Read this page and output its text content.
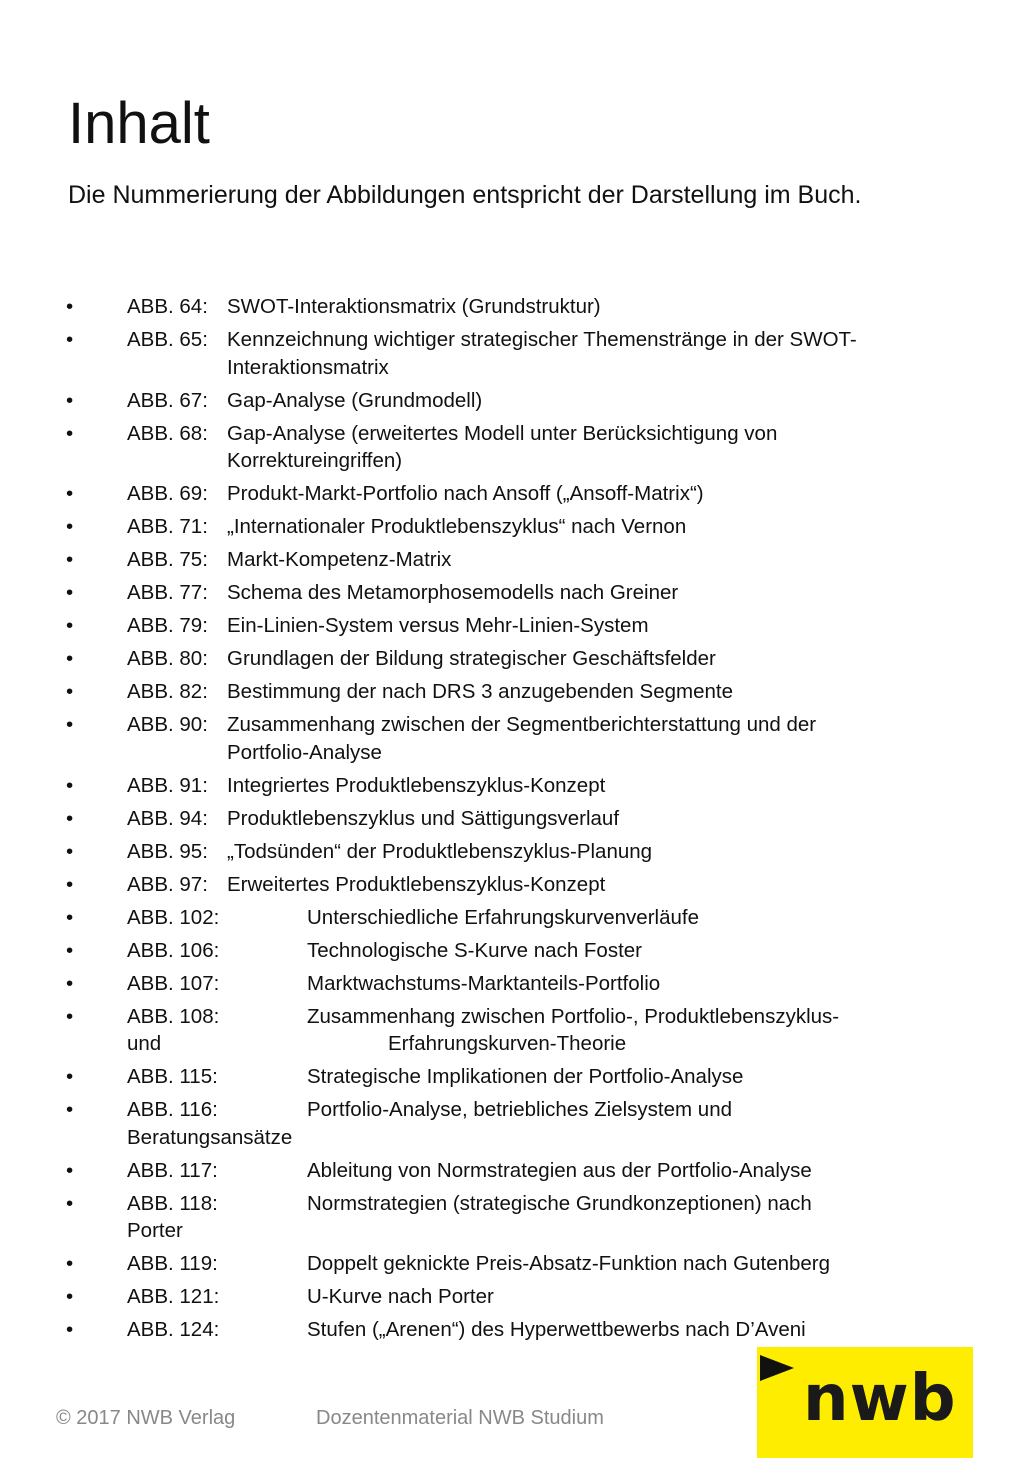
Inhalt

Die Nummerierung der Abbildungen entspricht der Darstellung im Buch.

•	ABB. 64: SWOT-Interaktionsmatrix (Grundstruktur)
•	ABB. 65: Kennzeichnung wichtiger strategischer Themenstränge in der SWOT-
Interaktionsmatrix
•	ABB. 67: Gap-Analyse (Grundmodell)
•	ABB. 68: Gap-Analyse (erweitertes Modell unter Berücksichtigung von
Korrektureingriffen)
•	ABB. 69: Produkt-Markt-Portfolio nach Ansoff („Ansoff-Matrix“)
•	ABB. 71: „Internationaler Produktlebenszyklus“ nach Vernon
•	ABB. 75: Markt-Kompetenz-Matrix
•	ABB. 77: Schema des Metamorphosemodells nach Greiner
•	ABB. 79: Ein-Linien-System versus Mehr-Linien-System
•	ABB. 80: Grundlagen der Bildung strategischer Geschäftsfelder
•	ABB. 82: Bestimmung der nach DRS 3 anzugebenden Segmente
•	ABB. 90: Zusammenhang zwischen der Segmentberichterstattung und der
Portfolio-Analyse
•	ABB. 91: Integriertes Produktlebenszyklus-Konzept
•	ABB. 94: Produktlebenszyklus und Sättigungsverlauf
•	ABB. 95: „Todsünden“ der Produktlebenszyklus-Planung
•	ABB. 97: Erweitertes Produktlebenszyklus-Konzept
•	ABB. 102:	Unterschiedliche Erfahrungskurvenverläufe
•	ABB. 106:	Technologische S-Kurve nach Foster
•	ABB. 107:	Marktwachstums-Marktanteils-Portfolio
•	ABB. 108:	Zusammenhang zwischen Portfolio-, Produktlebenszyklus-
und	Erfahrungskurven-Theorie
•	ABB. 115:	Strategische Implikationen der Portfolio-Analyse
•	ABB. 116:	Portfolio-Analyse, betriebliches Zielsystem und
Beratungsansätze
•	ABB. 117:	Ableitung von Normstrategien aus der Portfolio-Analyse
•	ABB. 118:	Normstrategien (strategische Grundkonzeptionen) nach
Porter
•	ABB. 119:	Doppelt geknickte Preis-Absatz-Funktion nach Gutenberg
•	ABB. 121:	U-Kurve nach Porter
•	ABB. 124:	Stufen („Arenen“) des Hyperwettbewerbs nach D’Aveni
© 2017 NWB Verlag	Dozentenmaterial NWB Studium	nwb
